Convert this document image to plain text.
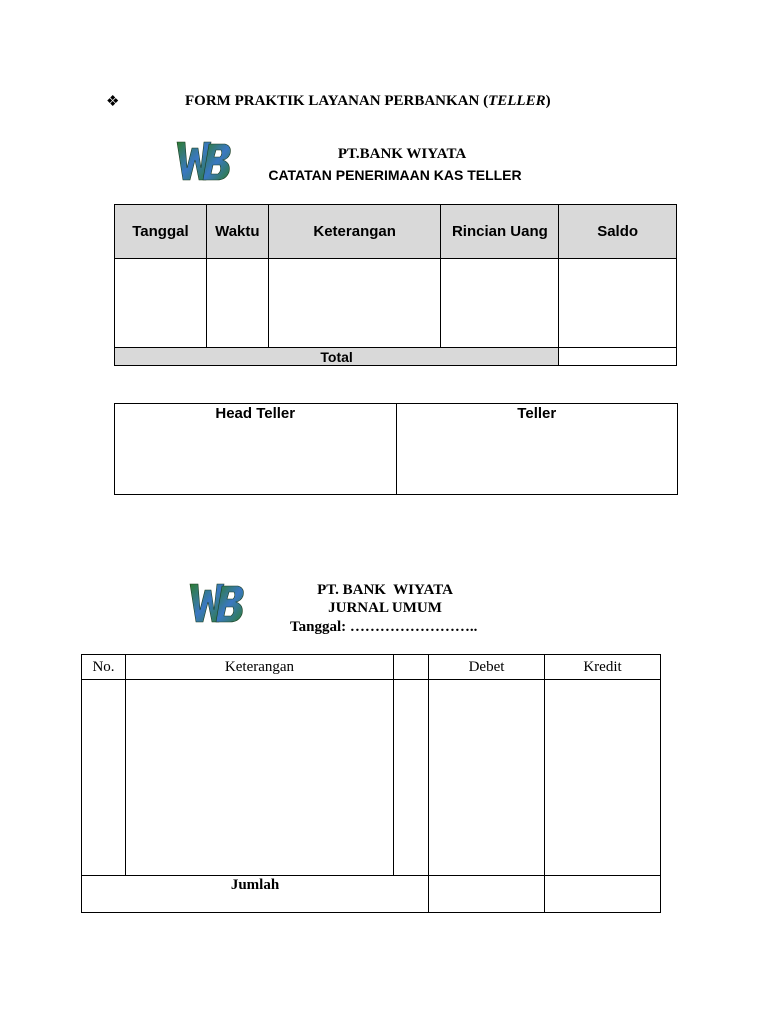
❖	FORM PRAKTIK LAYANAN PERBANKAN (TELLER)
PT.BANK WIYATA
CATATAN PENERIMAAN KAS TELLER
Tanggal	Waktu	Keterangan	Rincian Uang	Saldo

Total				
Head Teller	Teller
PT. BANK  WIYATA
JURNAL UMUM
Tanggal: ……………………..
No.	Keterangan		Debet	Kredit

Jumlah				
